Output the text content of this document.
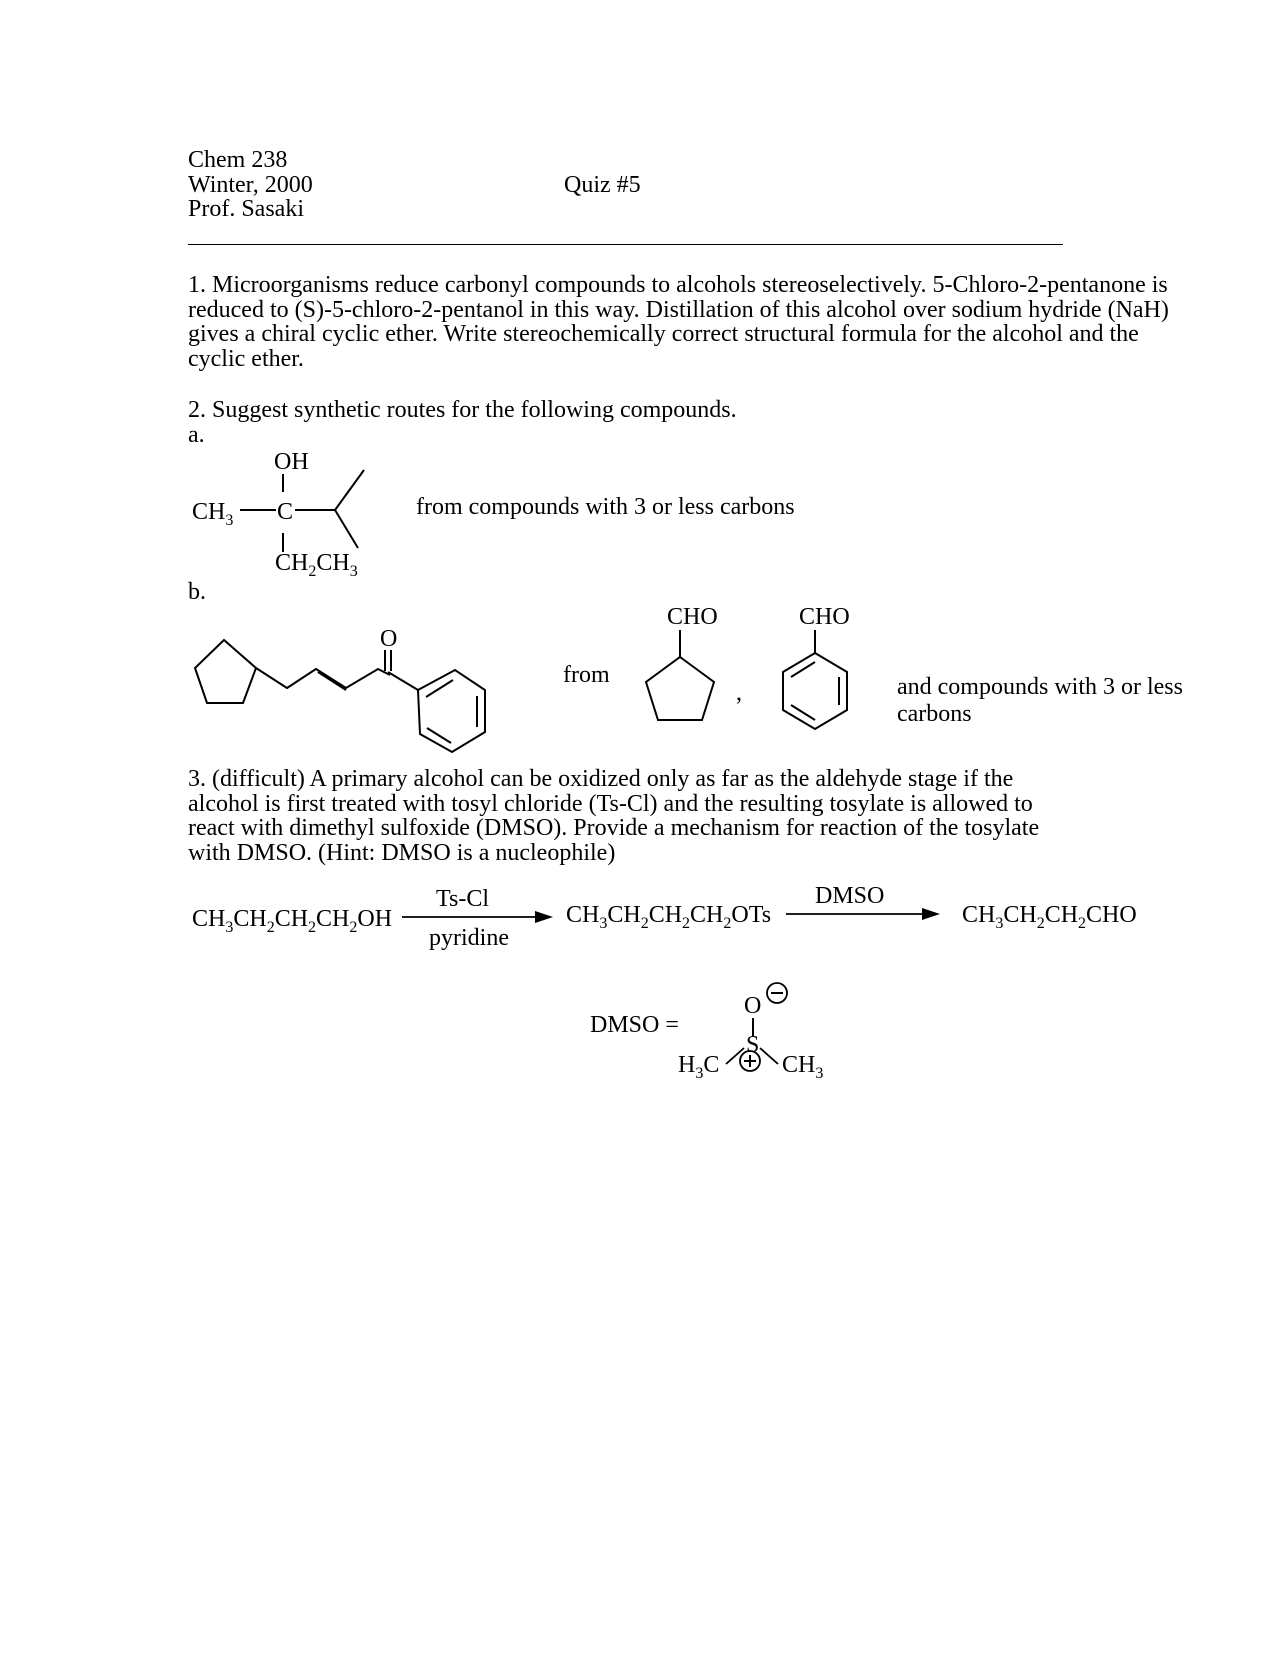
Chem 238
Winter, 2000
Prof. Sasaki
Quiz #5
1. Microorganisms reduce carbonyl compounds to alcohols stereoselectively. 5-Chloro-2-pentanone is
reduced to (S)-5-chloro-2-pentanol in this way. Distillation of this alcohol over sodium hydride (NaH)
gives a chiral cyclic ether. Write stereochemically correct structural formula for the alcohol and the
cyclic ether.
2. Suggest synthetic routes for the following compounds.
a.
from compounds with 3 or less carbons
b.
from	and compounds with 3 or less
carbons
3. (difficult) A primary alcohol can be oxidized only as far as the aldehyde stage if the
alcohol is first treated with tosyl chloride (Ts-Cl) and the resulting tosylate is allowed to
react with dimethyl sulfoxide (DMSO). Provide a mechanism for reaction of the tosylate
with DMSO. (Hint: DMSO is a nucleophile)
OH
$CH_3$ C
$CH_2CH_3$
O
CHO
,
CHO
$CH_3CH_2CH_2CH_2OH$
Ts-Cl
pyridine
$CH_3CH_2CH_2CH_2OTs$
DMSO
$CH_3CH_2CH_2CHO$
DMSO =
O
S
$H_3C$	$CH_3$
